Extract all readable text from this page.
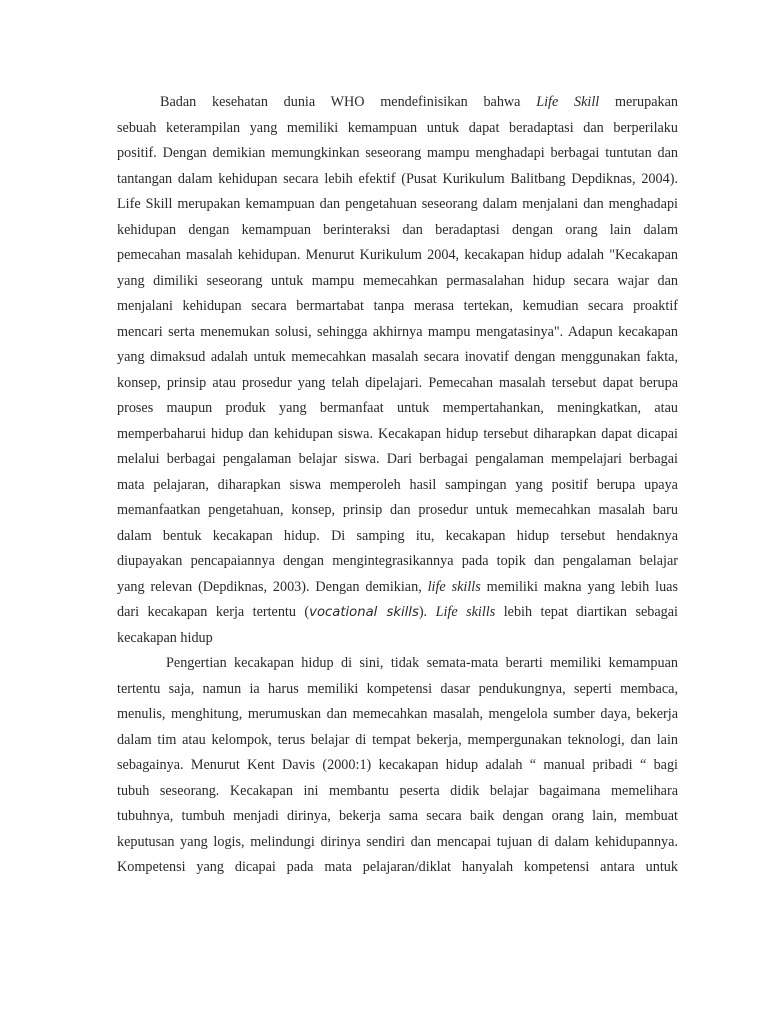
Badan kesehatan dunia WHO mendefinisikan bahwa Life Skill merupakan
sebuah keterampilan yang memiliki kemampuan untuk dapat beradaptasi dan berperilaku
positif. Dengan demikian memungkinkan seseorang mampu menghadapi berbagai tuntutan dan
tantangan dalam kehidupan secara lebih efektif (Pusat Kurikulum Balitbang Depdiknas, 2004).
Life Skill merupakan kemampuan dan pengetahuan seseorang dalam menjalani dan menghadapi
kehidupan dengan kemampuan berinteraksi dan beradaptasi dengan orang lain dalam
pemecahan masalah kehidupan. Menurut Kurikulum 2004, kecakapan hidup adalah "Kecakapan
yang dimiliki seseorang untuk mampu memecahkan permasalahan hidup secara wajar dan
menjalani kehidupan secara bermartabat tanpa merasa tertekan, kemudian secara proaktif
mencari serta menemukan solusi, sehingga akhirnya mampu mengatasinya". Adapun kecakapan
yang dimaksud adalah untuk memecahkan masalah secara inovatif dengan menggunakan fakta,
konsep, prinsip atau prosedur yang telah dipelajari. Pemecahan masalah tersebut dapat berupa
proses maupun produk yang bermanfaat untuk mempertahankan, meningkatkan, atau
memperbaharui hidup dan kehidupan siswa. Kecakapan hidup tersebut diharapkan dapat dicapai
melalui berbagai pengalaman belajar siswa. Dari berbagai pengalaman mempelajari berbagai
mata pelajaran, diharapkan siswa memperoleh hasil sampingan yang positif berupa upaya
memanfaatkan pengetahuan, konsep, prinsip dan prosedur untuk memecahkan masalah baru
dalam bentuk kecakapan hidup. Di samping itu, kecakapan hidup tersebut hendaknya
diupayakan pencapaiannya dengan mengintegrasikannya pada topik dan pengalaman belajar
yang relevan (Depdiknas, 2003). Dengan demikian, life skills memiliki makna yang lebih luas
dari kecakapan kerja tertentu (vocational skills). Life skills lebih tepat diartikan sebagai
kecakapan hidup
Pengertian kecakapan hidup di sini, tidak semata-mata berarti memiliki kemampuan
tertentu saja, namun ia harus memiliki kompetensi dasar pendukungnya, seperti membaca,
menulis, menghitung, merumuskan dan memecahkan masalah, mengelola sumber daya, bekerja
dalam tim atau kelompok, terus belajar di tempat bekerja, mempergunakan teknologi, dan lain
sebagainya. Menurut Kent Davis (2000:1) kecakapan hidup adalah “ manual pribadi “ bagi
tubuh seseorang. Kecakapan ini membantu peserta didik belajar bagaimana memelihara
tubuhnya, tumbuh menjadi dirinya, bekerja sama secara baik dengan orang lain, membuat
keputusan yang logis, melindungi dirinya sendiri dan mencapai tujuan di dalam kehidupannya.
Kompetensi yang dicapai pada mata pelajaran/diklat hanyalah kompetensi antara untuk
